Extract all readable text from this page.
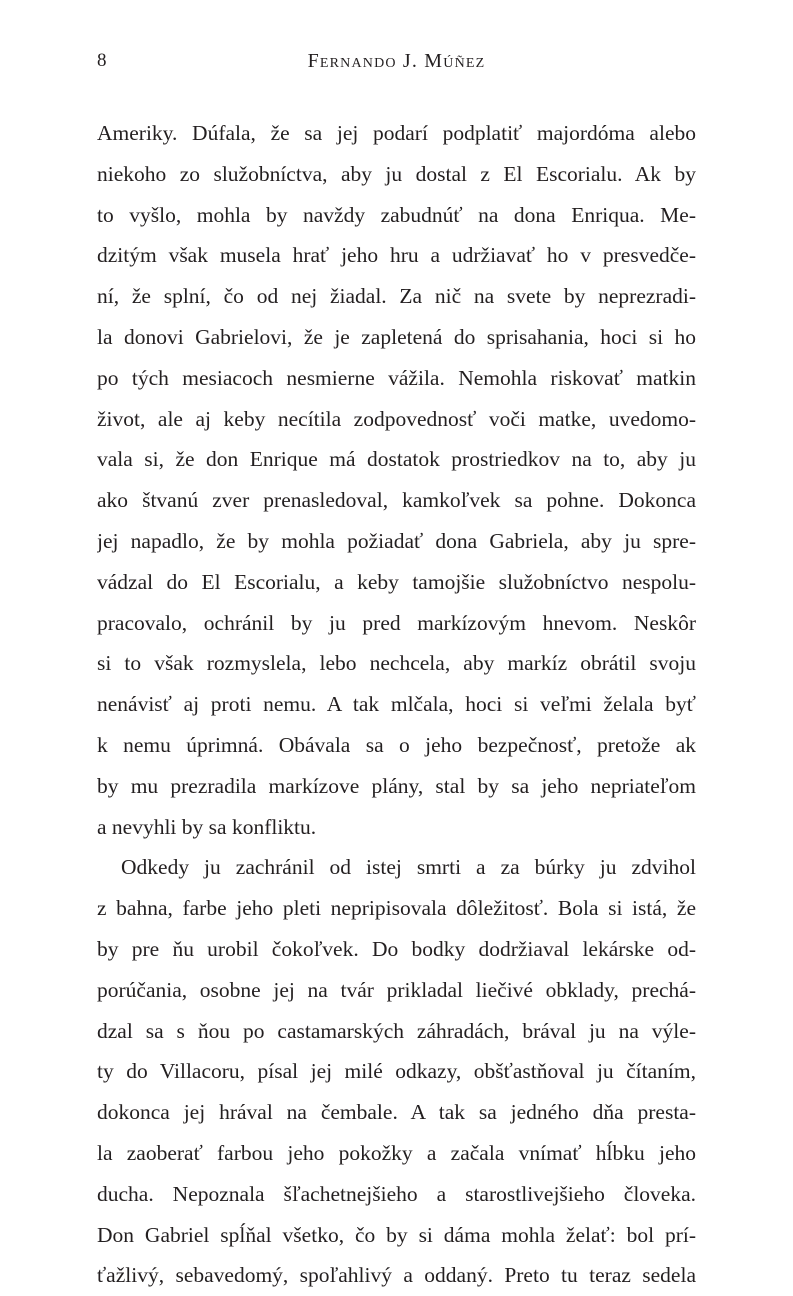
8	Fernando J. Múñez
Ameriky. Dúfala, že sa jej podarí podplatiť majordóma alebo
niekoho zo služobníctva, aby ju dostal z El Escorialu. Ak by
to vyšlo, mohla by navždy zabudnúť na dona Enriqua. Me-
dzitým však musela hrať jeho hru a udržiavať ho v presvedče-
ní, že splní, čo od nej žiadal. Za nič na svete by neprezradi-
la donovi Gabrielovi, že je zapletená do sprisahania, hoci si ho
po tých mesiacoch nesmierne vážila. Nemohla riskovať matkin
život, ale aj keby necítila zodpovednosť voči matke, uvedomo-
vala si, že don Enrique má dostatok prostriedkov na to, aby ju
ako štvanú zver prenasledoval, kamkoľvek sa pohne. Dokonca
jej napadlo, že by mohla požiadať dona Gabriela, aby ju spre-
vádzal do El Escorialu, a keby tamojšie služobníctvo nespolu-
pracovalo, ochránil by ju pred markízovým hnevom. Neskôr
si to však rozmyslela, lebo nechcela, aby markíz obrátil svoju
nenávisť aj proti nemu. A tak mlčala, hoci si veľmi želala byť
k nemu úprimná. Obávala sa o jeho bezpečnosť, pretože ak
by mu prezradila markízove plány, stal by sa jeho nepriateľom
a nevyhli by sa konfliktu.
Odkedy ju zachránil od istej smrti a za búrky ju zdvihol
z bahna, farbe jeho pleti nepripisovala dôležitosť. Bola si istá, že
by pre ňu urobil čokoľvek. Do bodky dodržiaval lekárske od-
porúčania, osobne jej na tvár prikladal liečivé obklady, prechá-
dzal sa s ňou po castamarských záhradách, brával ju na výle-
ty do Villacoru, písal jej milé odkazy, obšťastňoval ju čítaním,
dokonca jej hrával na čembale. A tak sa jedného dňa presta-
la zaoberať farbou jeho pokožky a začala vnímať hĺbku jeho
ducha. Nepoznala šľachetnejšieho a starostlivejšieho človeka.
Don Gabriel spĺňal všetko, čo by si dáma mohla želať: bol prí-
ťažlivý, sebavedomý, spoľahlivý a oddaný. Preto tu teraz sedela
